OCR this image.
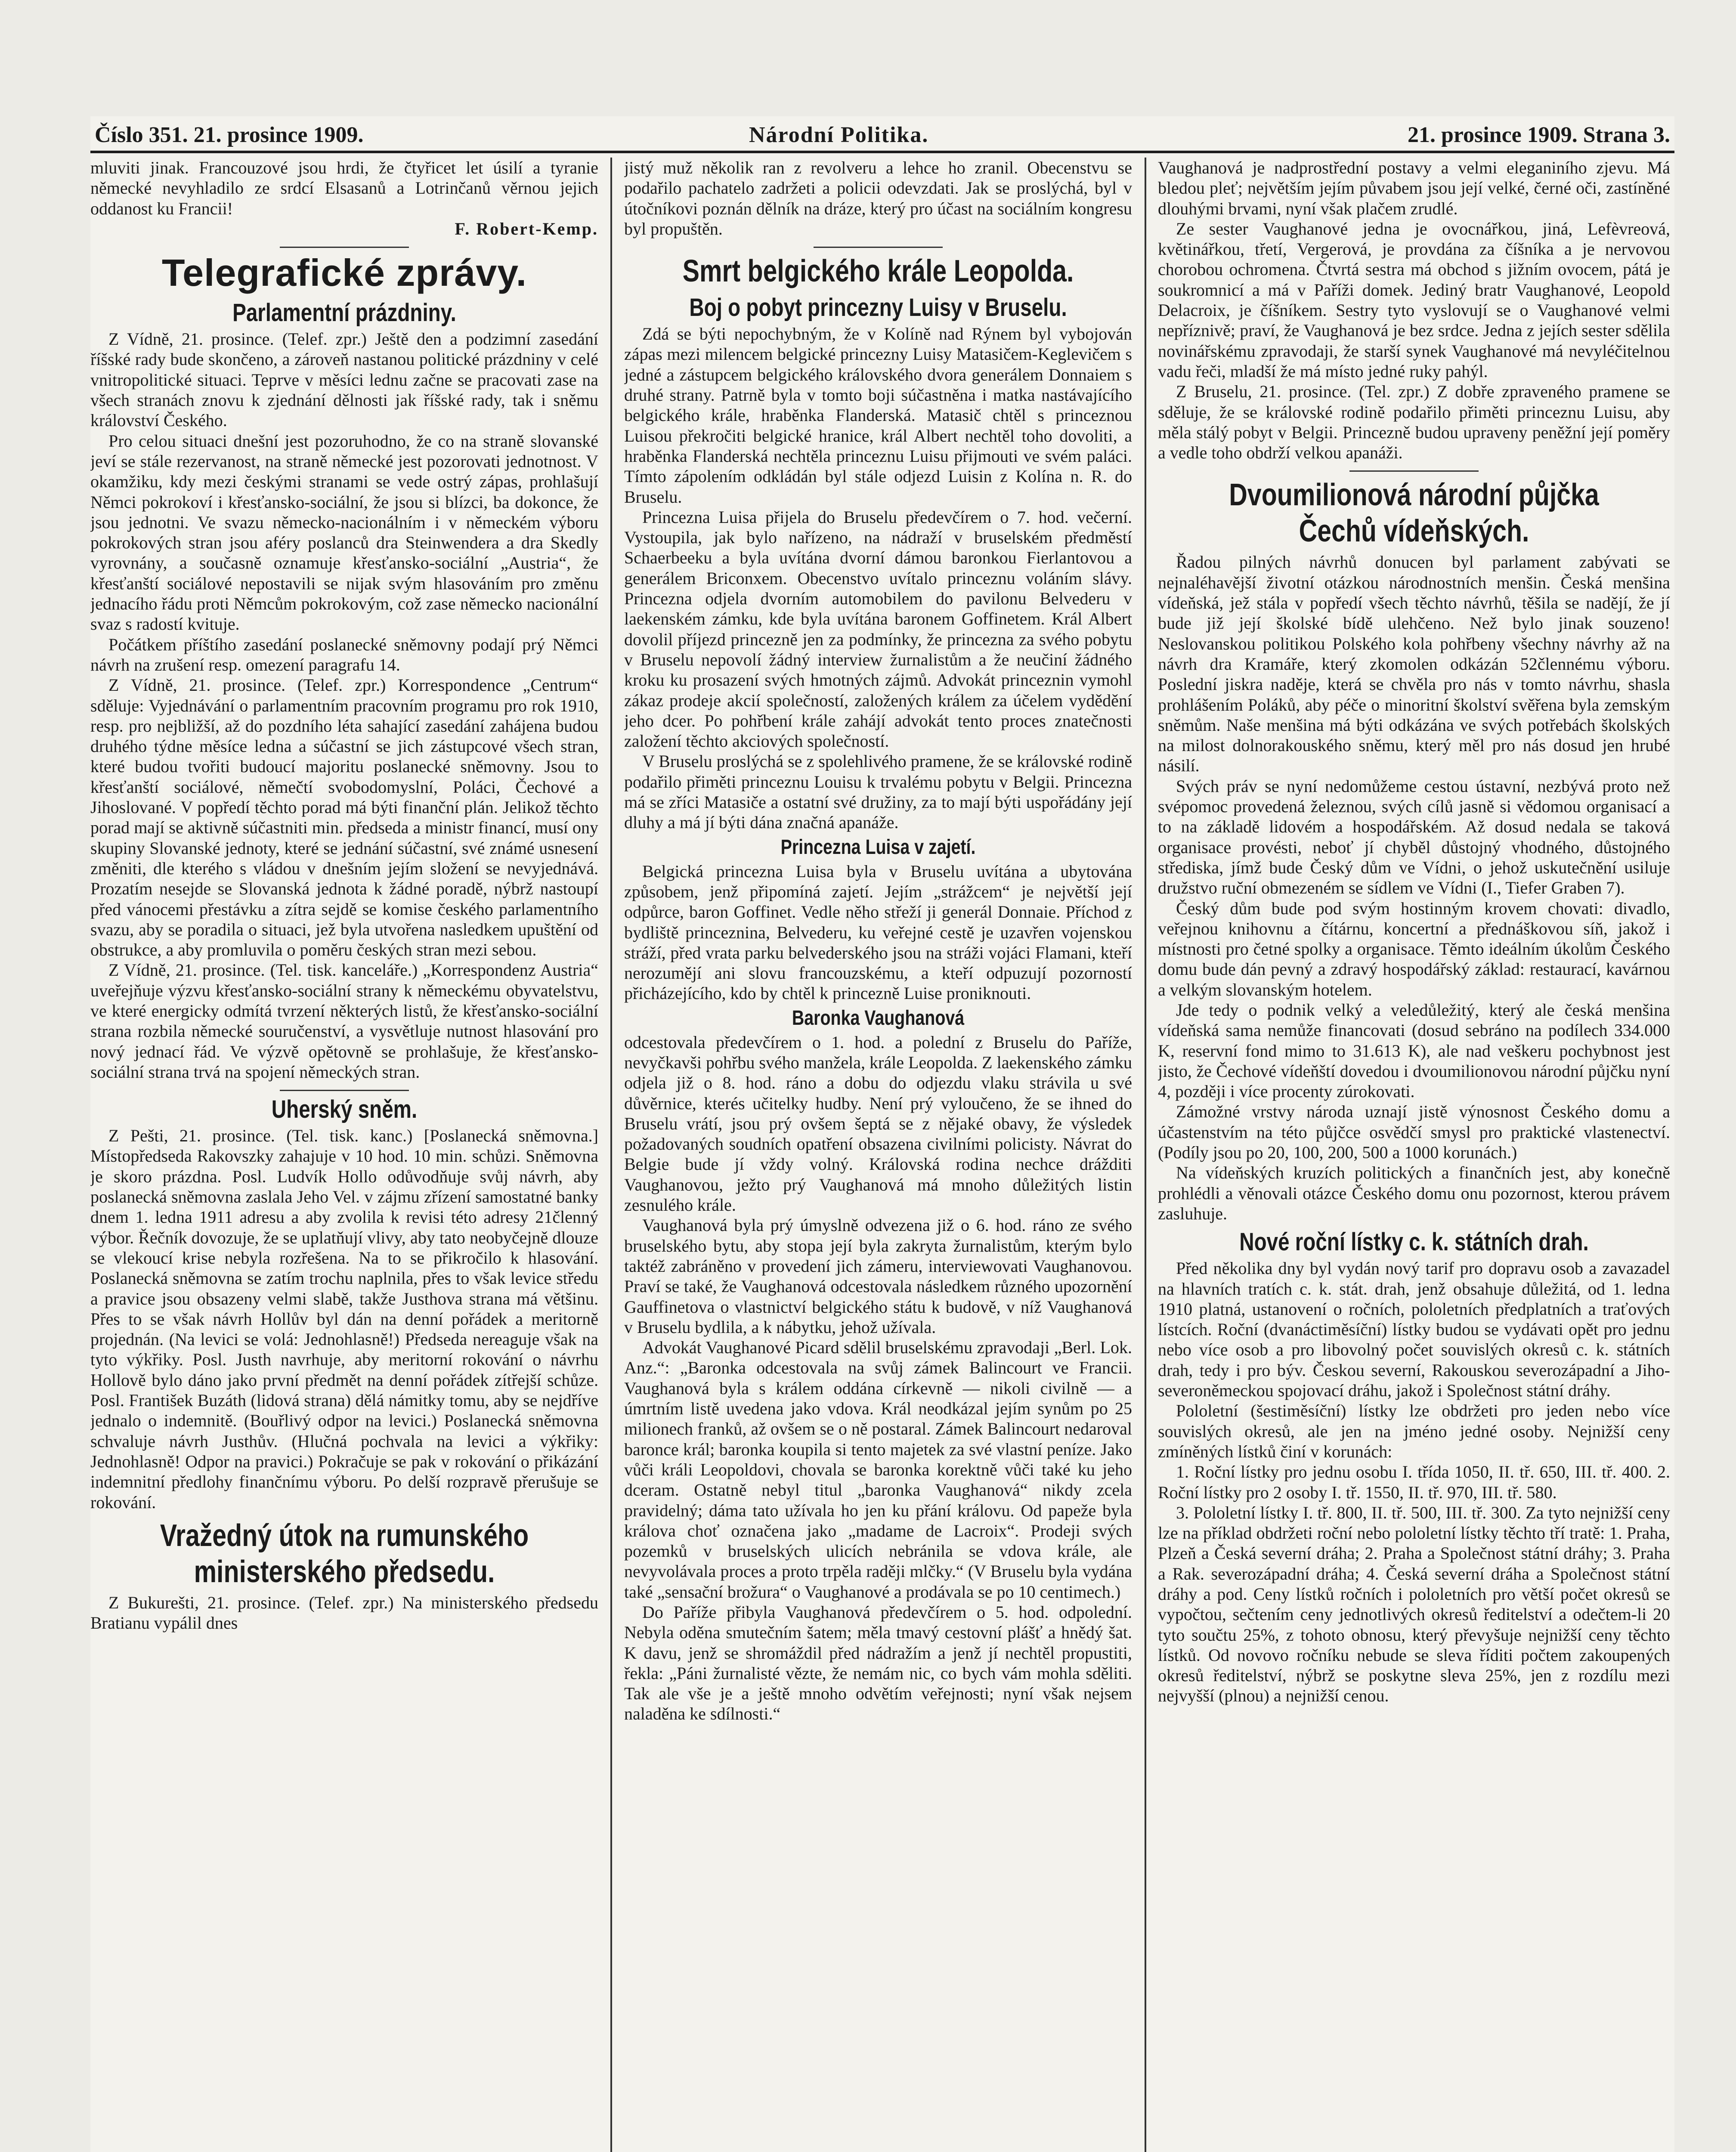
Číslo 351. 21. prosince 1909.	Národní Politika.	21. prosince 1909. Strana 3.

mluviti jinak. Francouzové jsou hrdi, že čtyřicet let úsilí a tyranie německé nevyhladilo ze srdcí Elsasanů a Lotrinčanů věrnou jejich oddanost ku Francii!

F. Robert-Kemp.

Telegrafické zprávy.
Parlamentní prázdniny.

Z Vídně, 21. prosince. (Telef. zpr.) Ještě den a podzimní zasedání říšské rady bude skončeno, a zároveň nastanou politické prázdniny v celé vnitropolitické situaci. Teprve v měsíci lednu začne se pracovati zase na všech stranách znovu k zjednání dělnosti jak říšské rady, tak i sněmu království Českého.

Pro celou situaci dnešní jest pozoruhodno, že co na straně slovanské jeví se stále rezervanost, na straně německé jest pozorovati jednotnost. V okamžiku, kdy mezi českými stranami se vede ostrý zápas, prohlašují Němci pokrokoví i křesťansko-sociální, že jsou si blízci, ba dokonce, že jsou jednotni. Ve svazu německo-nacionálním i v německém výboru pokrokových stran jsou aféry poslanců dra Steinwendera a dra Skedly vyrovnány, a současně oznamuje křesťansko-sociální „Austria“, že křesťanští sociálové nepostavili se nijak svým hlasováním pro změnu jednacího řádu proti Němcům pokrokovým, což zase německo nacionální svaz s radostí kvituje.

Počátkem příštího zasedání poslanecké sněmovny podají prý Němci návrh na zrušení resp. omezení paragrafu 14.

Z Vídně, 21. prosince. (Telef. zpr.) Korrespondence „Centrum“ sděluje: Vyjednávání o parlamentním pracovním programu pro rok 1910, resp. pro nejbližší, až do pozdního léta sahající zasedání zahájena budou druhého týdne měsíce ledna a súčastní se jich zástupcové všech stran, které budou tvořiti budoucí majoritu poslanecké sněmovny. Jsou to křesťanští sociálové, němečtí svobodomyslní, Poláci, Čechové a Jihoslované. V popředí těchto porad má býti finanční plán. Jelikož těchto porad mají se aktivně súčastniti min. předseda a ministr financí, musí ony skupiny Slovanské jednoty, které se jednání súčastní, své známé usnesení změniti, dle kterého s vládou v dnešním jejím složení se nevyjednává. Prozatím nesejde se Slovanská jednota k žádné poradě, nýbrž nastoupí před vánocemi přestávku a zítra sejdě se komise českého parlamentního svazu, aby se poradila o situaci, jež byla utvořena nasledkem upuštění od obstrukce, a aby promluvila o poměru českých stran mezi sebou.

Z Vídně, 21. prosince. (Tel. tisk. kanceláře.) „Korrespondenz Austria“ uveřejňuje výzvu křesťansko-sociální strany k německému obyvatelstvu, ve které energicky odmítá tvrzení některých listů, že křesťansko-sociální strana rozbila německé souručenství, a vysvětluje nutnost hlasování pro nový jednací řád. Ve výzvě opětovně se prohlašuje, že křesťansko-sociální strana trvá na spojení německých stran.

Uherský sněm.

Z Pešti, 21. prosince. (Tel. tisk. kanc.) [Poslanecká sněmovna.] Místopředseda Rakovszky zahajuje v 10 hod. 10 min. schůzi. Sněmovna je skoro prázdna. Posl. Ludvík Hollo odůvodňuje svůj návrh, aby poslanecká sněmovna zaslala Jeho Vel. v zájmu zřízení samostatné banky dnem 1. ledna 1911 adresu a aby zvolila k revisi této adresy 21členný výbor. Řečník dovozuje, že se uplatňují vlivy, aby tato neobyčejně dlouze se vlekoucí krise nebyla rozřešena. Na to se přikročilo k hlasování. Poslanecká sněmovna se zatím trochu naplnila, přes to však levice středu a pravice jsou obsazeny velmi slabě, takže Justhova strana má většinu. Přes to se však návrh Hollův byl dán na denní pořádek a meritorně projednán. (Na levici se volá: Jednohlasně!) Předseda nereaguje však na tyto výkřiky. Posl. Justh navrhuje, aby meritorní rokování o návrhu Hollově bylo dáno jako první předmět na denní pořádek zítřejší schůze. Posl. František Buzáth (lidová strana) dělá námitky tomu, aby se nejdříve jednalo o indemnitě. (Bouřlivý odpor na levici.) Poslanecká sněmovna schvaluje návrh Justhův. (Hlučná pochvala na levici a výkřiky: Jednohlasně! Odpor na pravici.) Pokračuje se pak v rokování o přikázání indemnitní předlohy finančnímu výboru. Po delší rozpravě přerušuje se rokování.

Vražedný útok na rumunského ministerského předsedu.

Z Bukurešti, 21. prosince. (Telef. zpr.) Na ministerského předsedu Bratianu vypálil dnes

jistý muž několik ran z revolveru a lehce ho zranil. Obecenstvu se podařilo pachatelo zadržeti a policii odevzdati. Jak se proslýchá, byl v útočníkovi poznán dělník na dráze, který pro účast na sociálním kongresu byl propuštěn.

Smrt belgického krále Leopolda.
Boj o pobyt princezny Luisy v Bruselu.

Zdá se býti nepochybným, že v Kolíně nad Rýnem byl vybojován zápas mezi milencem belgické princezny Luisy Matasičem-Keglevičem s jedné a zástupcem belgického královského dvora generálem Donnaiem s druhé strany. Patrně byla v tomto boji súčastněna i matka nastávajícího belgického krále, hraběnka Flanderská. Matasič chtěl s princeznou Luisou překročiti belgické hranice, král Albert nechtěl toho dovoliti, a hraběnka Flanderská nechtěla princeznu Luisu přijmouti ve svém paláci. Tímto zápolením odkládán byl stále odjezd Luisin z Kolína n. R. do Bruselu.

Princezna Luisa přijela do Bruselu předevčírem o 7. hod. večerní. Vystoupila, jak bylo nařízeno, na nádraží v bruselském předměstí Schaerbeeku a byla uvítána dvorní dámou baronkou Fierlantovou a generálem Briconxem. Obecenstvo uvítalo princeznu voláním slávy. Princezna odjela dvorním automobilem do pavilonu Belvederu v laekenském zámku, kde byla uvítána baronem Goffinetem. Král Albert dovolil příjezd princezně jen za podmínky, že princezna za svého pobytu v Bruselu nepovolí žádný interview žurnalistům a že neučiní žádného kroku ku prosazení svých hmotných zájmů. Advokát princeznin vymohl zákaz prodeje akcií společností, založených králem za účelem vydědění jeho dcer. Po pohřbení krále zahájí advokát tento proces znatečnosti založení těchto akciových společností.

V Bruselu proslýchá se z spolehlivého pramene, že se královské rodině podařilo přiměti princeznu Louisu k trvalému pobytu v Belgii. Princezna má se zříci Matasiče a ostatní své družiny, za to mají býti uspořádány její dluhy a má jí býti dána značná apanáže.

Princezna Luisa v zajetí.

Belgická princezna Luisa byla v Bruselu uvítána a ubytována způsobem, jenž připomíná zajetí. Jejím „strážcem“ je největší její odpůrce, baron Goffinet. Vedle něho střeží ji generál Donnaie. Příchod z bydliště princeznina, Belvederu, ku veřejné cestě je uzavřen vojenskou stráží, před vrata parku belvederského jsou na stráži vojáci Flamani, kteří nerozumějí ani slovu francouzskému, a kteří odpuzují pozorností přicházejícího, kdo by chtěl k princezně Luise proniknouti.

Baronka Vaughanová

odcestovala předevčírem o 1. hod. a polední z Bruselu do Paříže, nevyčkavši pohřbu svého manžela, krále Leopolda. Z laekenského zámku odjela již o 8. hod. ráno a dobu do odjezdu vlaku strávila u své důvěrnice, kterés učitelky hudby. Není prý vyloučeno, že se ihned do Bruselu vrátí, jsou prý ovšem šeptá se z nějaké obavy, že výsledek požadovaných soudních opatření obsazena civilními policisty. Návrat do Belgie bude jí vždy volný. Královská rodina nechce drážditi Vaughanovou, ježto prý Vaughanová má mnoho důležitých listin zesnulého krále.

Vaughanová byla prý úmyslně odvezena již o 6. hod. ráno ze svého bruselského bytu, aby stopa její byla zakryta žurnalistům, kterým bylo taktéž zabráněno v provedení jich zámeru, interviewovati Vaughanovou. Praví se také, že Vaughanová odcestovala následkem různého upozornění Gauffinetova o vlastnictví belgického státu k budově, v níž Vaughanová v Bruselu bydlila, a k nábytku, jehož užívala.

Advokát Vaughanové Picard sdělil bruselskému zpravodaji „Berl. Lok. Anz.“: „Baronka odcestovala na svůj zámek Balincourt ve Francii. Vaughanová byla s králem oddána církevně — nikoli civilně — a úmrtním listě uvedena jako vdova. Král neodkázal jejím synům po 25 milionech franků, až ovšem se o ně postaral. Zámek Balincourt nedaroval baronce král; baronka koupila si tento majetek za své vlastní peníze. Jako vůči králi Leopoldovi, chovala se baronka korektně vůči také ku jeho dceram. Ostatně nebyl titul „baronka Vaughanová“ nikdy zcela pravidelný; dáma tato užívala ho jen ku přání královu. Od papeže byla králova choť označena jako „madame de Lacroix“. Prodeji svých pozemků v bruselských ulicích nebránila se vdova krále, ale nevyvolávala proces a proto trpěla raději mlčky.“ (V Bruselu byla vydána také „sensační brožura“ o Vaughanové a prodávala se po 10 centimech.)

Do Paříže přibyla Vaughanová předevčírem o 5. hod. odpolední. Nebyla oděna smutečním šatem; měla tmavý cestovní plášť a hnědý šat. K davu, jenž se shromáždil před nádražím a jenž jí nechtěl propustiti, řekla: „Páni žurnalisté vězte, že nemám nic, co bych vám mohla sděliti. Tak ale vše je a ještě mnoho odvětím veřejnosti; nyní však nejsem naladěna ke sdílnosti.“

Vaughanová je nadprostřední postavy a velmi eleganiního zjevu. Má bledou pleť; největším jejím půvabem jsou její velké, černé oči, zastíněné dlouhými brvami, nyní však plačem zrudlé.

Ze sester Vaughanové jedna je ovocnářkou, jiná, Lefèvreová, květinářkou, třetí, Vergerová, je provdána za číšníka a je nervovou chorobou ochromena. Čtvrtá sestra má obchod s jižním ovocem, pátá je soukromnicí a má v Paříži domek. Jediný bratr Vaughanové, Leopold Delacroix, je číšníkem. Sestry tyto vyslovují se o Vaughanové velmi nepříznivě; praví, že Vaughanová je bez srdce. Jedna z jejích sester sdělila novinářskému zpravodaji, že starší synek Vaughanové má nevyléčitelnou vadu řeči, mladší že má místo jedné ruky pahýl.

Z Bruselu, 21. prosince. (Tel. zpr.) Z dobře zpraveného pramene se sděluje, že se královské rodině podařilo přiměti princeznu Luisu, aby měla stálý pobyt v Belgii. Princezně budou upraveny peněžní její poměry a vedle toho obdrží velkou apanáži.

Dvoumilionová národní půjčka Čechů vídeňských.

Řadou pilných návrhů donucen byl parlament zabývati se nejnaléhavější životní otázkou národnostních menšin. Česká menšina vídeňská, jež stála v popředí všech těchto návrhů, těšila se nadějí, že jí bude již její školské bídě ulehčeno. Než bylo jinak souzeno! Neslovanskou politikou Polského kola pohřbeny všechny návrhy až na návrh dra Kramáře, který zkomolen odkázán 52člennému výboru. Poslední jiskra naděje, která se chvěla pro nás v tomto návrhu, shasla prohlášením Poláků, aby péče o minoritní školství svěřena byla zemským sněmům. Naše menšina má býti odkázána ve svých potřebách školských na milost dolnorakouského sněmu, který měl pro nás dosud jen hrubé násilí.

Svých práv se nyní nedomůžeme cestou ústavní, nezbývá proto než svépomoc provedená železnou, svých cílů jasně si vědomou organisací a to na základě lidovém a hospodářském. Až dosud nedala se taková organisace provésti, neboť jí chyběl důstojný vhodného, důstojného střediska, jímž bude Český dům ve Vídni, o jehož uskutečnění usiluje družstvo ruční obmezeném se sídlem ve Vídni (I., Tiefer Graben 7).

Český dům bude pod svým hostinným krovem chovati: divadlo, veřejnou knihovnu a čítárnu, koncertní a přednáškovou síň, jakož i místnosti pro četné spolky a organisace. Těmto ideálním úkolům Českého domu bude dán pevný a zdravý hospodářský základ: restaurací, kavárnou a velkým slovanským hotelem.

Jde tedy o podnik velký a veledůležitý, který ale česká menšina vídeňská sama nemůže financovati (dosud sebráno na podílech 334.000 K, reservní fond mimo to 31.613 K), ale nad veškeru pochybnost jest jisto, že Čechové vídeňští dovedou i dvoumilionovou národní půjčku nyní 4, později i více procenty zúrokovati.

Zámožné vrstvy národa uznají jistě výnosnost Českého domu a účastenstvím na této půjčce osvědčí smysl pro praktické vlastenectví. (Podíly jsou po 20, 100, 200, 500 a 1000 korunách.)

Na vídeňských kruzích politických a finančních jest, aby konečně prohlédli a věnovali otázce Českého domu onu pozornost, kterou právem zasluhuje.

Nové roční lístky c. k. státních drah.

Před několika dny byl vydán nový tarif pro dopravu osob a zavazadel na hlavních tratích c. k. stát. drah, jenž obsahuje důležitá, od 1. ledna 1910 platná, ustanovení o ročních, pololetních předplatních a traťových lístcích. Roční (dvanáctiměsíční) lístky budou se vydávati opět pro jednu nebo více osob a pro libovolný počet souvislých okresů c. k. státních drah, tedy i pro býv. Českou severní, Rakouskou severozápadní a Jiho-severoněmeckou spojovací dráhu, jakož i Společnost státní dráhy.

Pololetní (šestiměsíční) lístky lze obdržeti pro jeden nebo více souvislých okresů, ale jen na jméno jedné osoby. Nejnižší ceny zmíněných lístků činí v korunách:

1. Roční lístky pro jednu osobu I. třída 1050, II. tř. 650, III. tř. 400. 2. Roční lístky pro 2 osoby I. tř. 1550, II. tř. 970, III. tř. 580.

3. Pololetní lístky I. tř. 800, II. tř. 500, III. tř. 300. Za tyto nejnižší ceny lze na příklad obdržeti roční nebo pololetní lístky těchto tří tratě: 1. Praha, Plzeň a Česká severní dráha; 2. Praha a Společnost státní dráhy; 3. Praha a Rak. severozápadní dráha; 4. Česká severní dráha a Společnost státní dráhy a pod. Ceny lístků ročních i pololetních pro větší počet okresů se vypočtou, sečtením ceny jednotlivých okresů ředitelství a odečtem-li 20 tyto součtu 25%, z tohoto obnosu, který převyšuje nejnižší ceny těchto lístků. Od novovo ročníku nebude se sleva říditi počtem zakoupených okresů ředitelství, nýbrž se poskytne sleva 25%, jen z rozdílu mezi nejvyšší (plnou) a nejnižší cenou.
